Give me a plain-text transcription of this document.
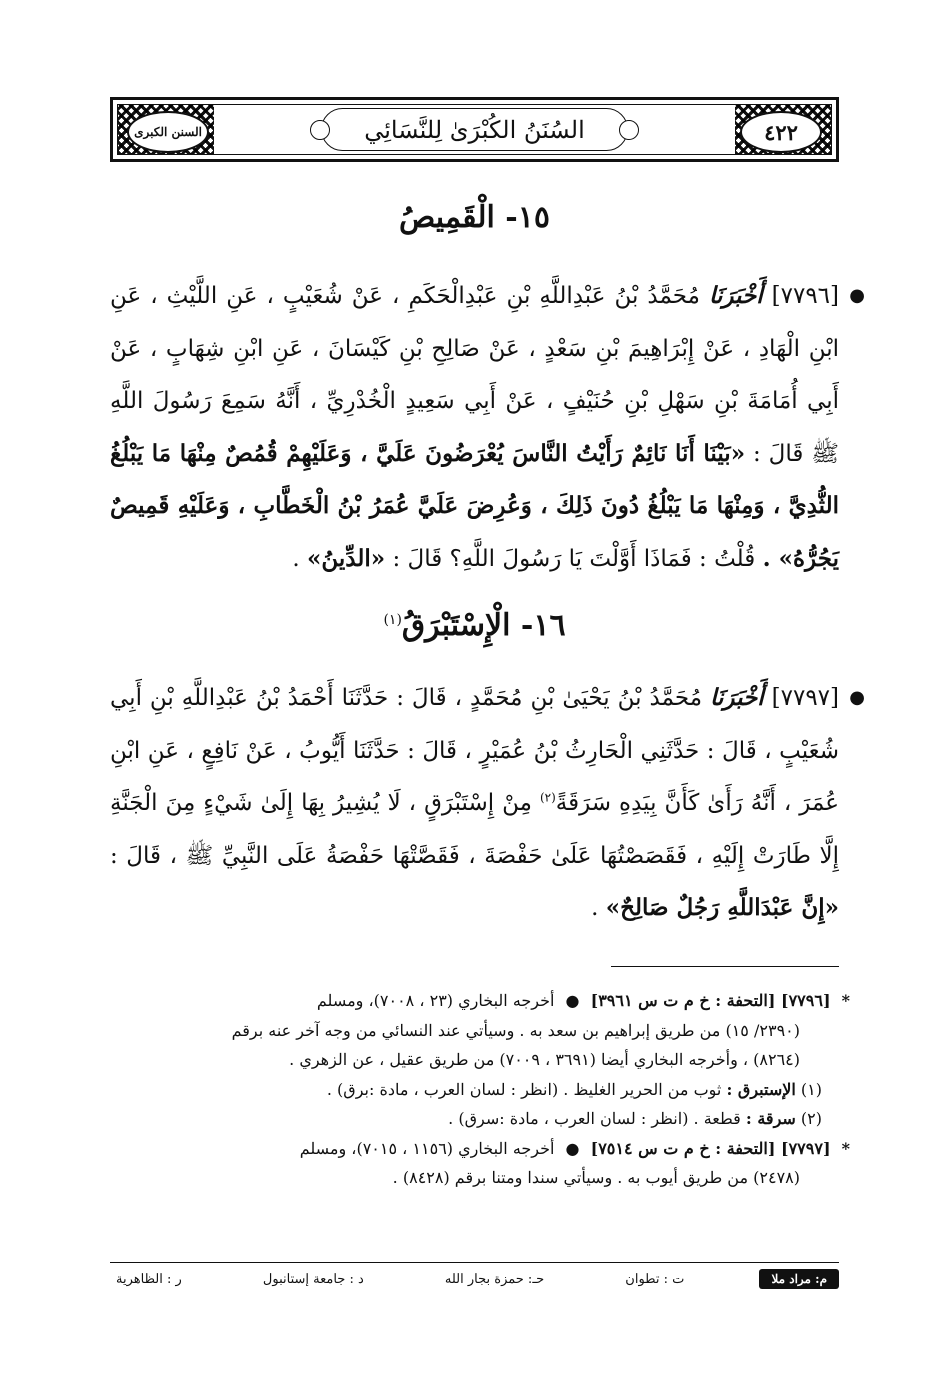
٤٢٢
السُنَنُ الكُبْرَىٰ لِلنَّسَائِي
السنن الكبرى
١٥- الْقَمِيصُ

●
[٧٧٩٦] أَخْبَرَنَا مُحَمَّدُ بْنُ عَبْدِاللَّهِ بْنِ عَبْدِالْحَكَمِ ، عَنْ شُعَيْبٍ ، عَنِ اللَّيْثِ ، عَنِ ابْنِ الْهَادِ ، عَنْ إِبْرَاهِيمَ بْنِ سَعْدٍ ، عَنْ صَالِحِ بْنِ كَيْسَانَ ، عَنِ ابْنِ شِهَابٍ ، عَنْ أَبِي أُمَامَةَ بْنِ سَهْلِ بْنِ حُنَيْفٍ ، عَنْ أَبِي سَعِيدٍ الْخُدْرِيِّ ، أَنَّهُ سَمِعَ رَسُولَ اللَّهِ ﷺ قَالَ : «بَيْنَا أَنَا نَائِمٌ رَأَيْتُ النَّاسَ يُعْرَضُونَ عَلَيَّ ، وَعَلَيْهِمْ قُمُصٌ مِنْهَا مَا يَبْلُغُ الثُّدِيَّ ، وَمِنْهَا مَا يَبْلُغُ دُونَ ذَلِكَ ، وَعُرِضَ عَلَيَّ عُمَرُ بْنُ الْخَطَّابِ ، وَعَلَيْهِ قَمِيصٌ يَجُرُّهُ» . قُلْتُ : فَمَاذَا أَوَّلْتَ يَا رَسُولَ اللَّهِ؟ قَالَ : «الدِّينُ» .

١٦- الْإِسْتَبْرَقُ$^{(١)}$

●
[٧٧٩٧] أَخْبَرَنَا مُحَمَّدُ بْنُ يَحْيَىٰ بْنِ مُحَمَّدٍ ، قَالَ : حَدَّثَنَا أَحْمَدُ بْنُ عَبْدِاللَّهِ بْنِ أَبِي شُعَيْبٍ ، قَالَ : حَدَّثَنِي الْحَارِثُ بْنُ عُمَيْرٍ ، قَالَ : حَدَّثَنَا أَيُّوبُ ، عَنْ نَافِعٍ ، عَنِ ابْنِ عُمَرَ ، أَنَّهُ رَأَىٰ كَأَنَّ بِيَدِهِ سَرَقَةً$^{(٢)}$ مِنْ إِسْتَبْرَقٍ ، لَا يُشِيرُ بِهَا إِلَىٰ شَيْءٍ مِنَ الْجَنَّةِ إِلَّا طَارَتْ إِلَيْهِ ، فَقَصَصْتُهَا عَلَىٰ حَفْصَةَ ، فَقَصَّتْهَا حَفْصَةُ عَلَى النَّبِيِّ ﷺ ، قَالَ : «إِنَّ عَبْدَاللَّهِ رَجُلٌ صَالِحٌ» .

* [٧٧٩٦] [التحفة : خ م ت س ٣٩٦١] ● أخرجه البخاري (٢٣ ، ٧٠٠٨)، ومسلم

(٢٣٩٠/ ١٥) من طريق إبراهيم بن سعد به . وسيأتي عند النسائي من وجه آخر عنه برقم

(٨٢٦٤) ، وأخرجه البخاري أيضا (٣٦٩١ ، ٧٠٠٩) من طريق عقيل ، عن الزهري .

(١) الإستبرق : ثوب من الحرير الغليظ . (انظر : لسان العرب ، مادة :برق) .

(٢) سرقة : قطعة . (انظر : لسان العرب ، مادة :سرق) .

* [٧٧٩٧] [التحفة : خ م ت س ٧٥١٤] ● أخرجه البخاري (١١٥٦ ، ٧٠١٥)، ومسلم

(٢٤٧٨) من طريق أيوب به . وسيأتي سندا ومتنا برقم (٨٤٢٨) .

م: مراد ملا
ت : تطوان
حـ: حمزة بجار الله
د : جامعة إستانبول
ر : الظاهرية
